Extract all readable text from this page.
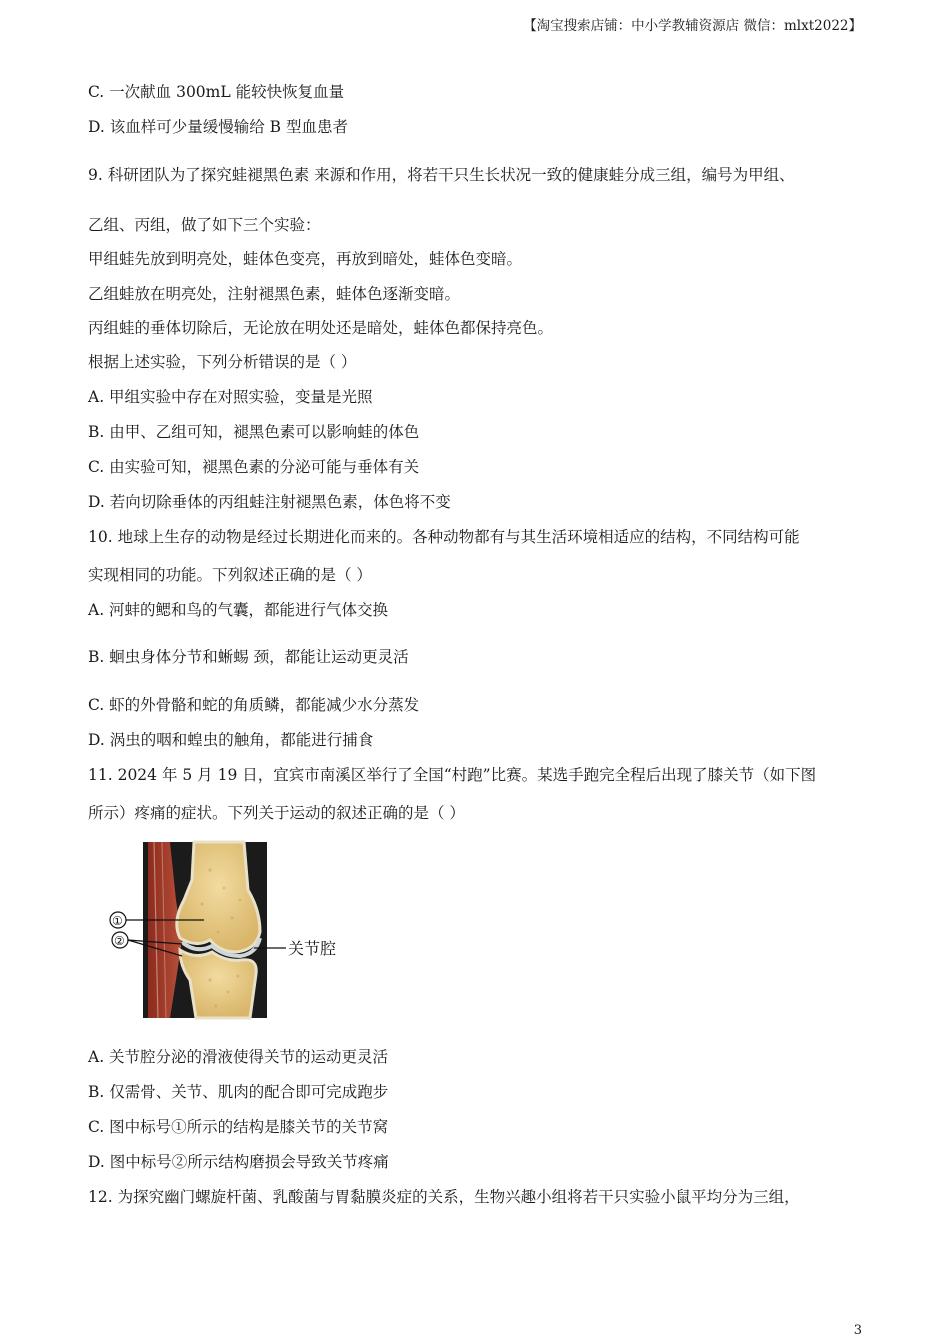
【淘宝搜索店铺：中小学教辅资源店 微信：mlxt2022】
C. 一次献血 300mL 能较快恢复血量
D. 该血样可少量缓慢输给 B 型血患者
9. 科研团队为了探究蛙褪黑色素 来源和作用，将若干只生长状况一致的健康蛙分成三组，编号为甲组、
乙组、丙组，做了如下三个实验：
甲组蛙先放到明亮处，蛙体色变亮，再放到暗处，蛙体色变暗。
乙组蛙放在明亮处，注射褪黑色素，蛙体色逐渐变暗。
丙组蛙的垂体切除后，无论放在明处还是暗处，蛙体色都保持亮色。
根据上述实验，下列分析错误的是（ ）
A. 甲组实验中存在对照实验，变量是光照
B. 由甲、乙组可知，褪黑色素可以影响蛙的体色
C. 由实验可知，褪黑色素的分泌可能与垂体有关
D. 若向切除垂体的丙组蛙注射褪黑色素，体色将不变
10. 地球上生存的动物是经过长期进化而来的。各种动物都有与其生活环境相适应的结构，不同结构可能
实现相同的功能。下列叙述正确的是（ ）
A. 河蚌的鳃和鸟的气囊，都能进行气体交换
B. 蛔虫身体分节和蜥蜴 颈，都能让运动更灵活
C. 虾的外骨骼和蛇的角质鳞，都能减少水分蒸发
D. 涡虫的咽和蝗虫的触角，都能进行捕食
11. 2024 年 5 月 19 日，宜宾市南溪区举行了全国“村跑”比赛。某选手跑完全程后出现了膝关节（如下图
所示）疼痛的症状。下列关于运动的叙述正确的是（ ）
①
②	关节腔
A. 关节腔分泌的滑液使得关节的运动更灵活
B. 仅需骨、关节、肌肉的配合即可完成跑步
C. 图中标号①所示的结构是膝关节的关节窝
D. 图中标号②所示结构磨损会导致关节疼痛
12. 为探究幽门螺旋杆菌、乳酸菌与胃黏膜炎症的关系，生物兴趣小组将若干只实验小鼠平均分为三组，
3
